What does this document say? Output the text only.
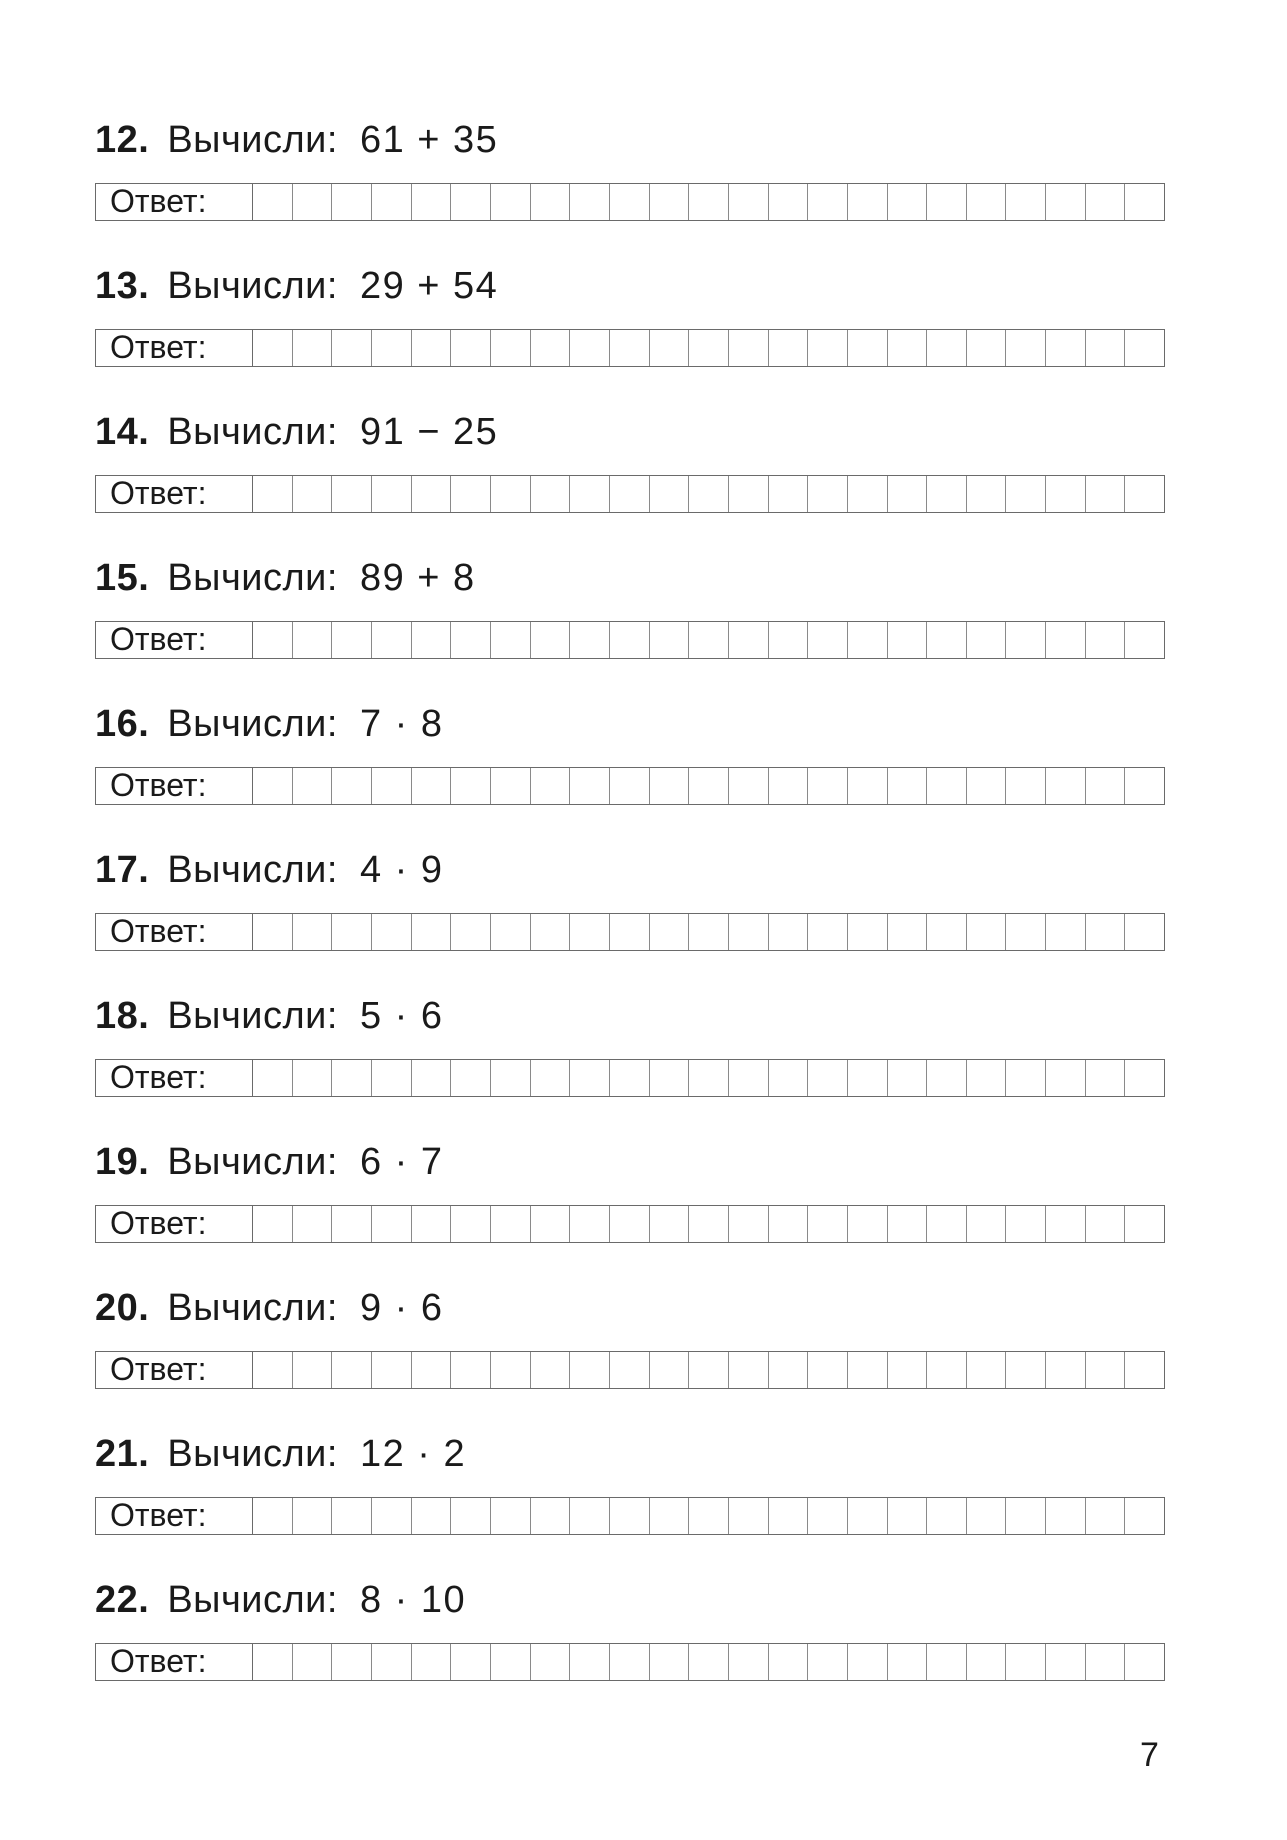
12. Вычисли: 61 + 35
Ответ:
13. Вычисли: 29 + 54
Ответ:
14. Вычисли: 91 − 25
Ответ:
15. Вычисли: 89 + 8
Ответ:
16. Вычисли: 7 · 8
Ответ:
17. Вычисли: 4 · 9
Ответ:
18. Вычисли: 5 · 6
Ответ:
19. Вычисли: 6 · 7
Ответ:
20. Вычисли: 9 · 6
Ответ:
21. Вычисли: 12 · 2
Ответ:
22. Вычисли: 8 · 10
Ответ:
7
